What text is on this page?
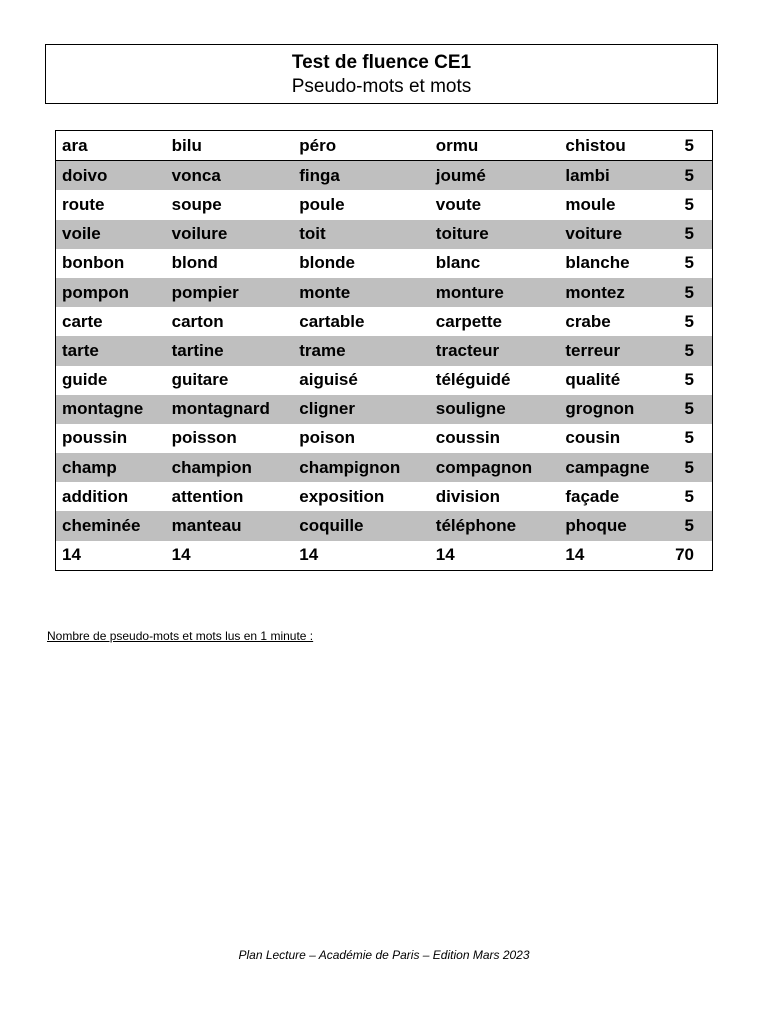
Test de fluence CE1
Pseudo-mots et mots
ara	bilu	péro	ormu	chistou	5
doivo	vonca	finga	joumé	lambi	5
route	soupe	poule	voute	moule	5
voile	voilure	toit	toiture	voiture	5
bonbon	blond	blonde	blanc	blanche	5
pompon	pompier	monte	monture	montez	5
carte	carton	cartable	carpette	crabe	5
tarte	tartine	trame	tracteur	terreur	5
guide	guitare	aiguisé	téléguidé	qualité	5
montagne	montagnard	cligner	souligne	grognon	5
poussin	poisson	poison	coussin	cousin	5
champ	champion	champignon	compagnon	campagne	5
addition	attention	exposition	division	façade	5
cheminée	manteau	coquille	téléphone	phoque	5
14	14	14	14	14	70
Nombre de pseudo-mots et mots lus en 1 minute :
Plan Lecture – Académie de Paris – Edition Mars 2023
